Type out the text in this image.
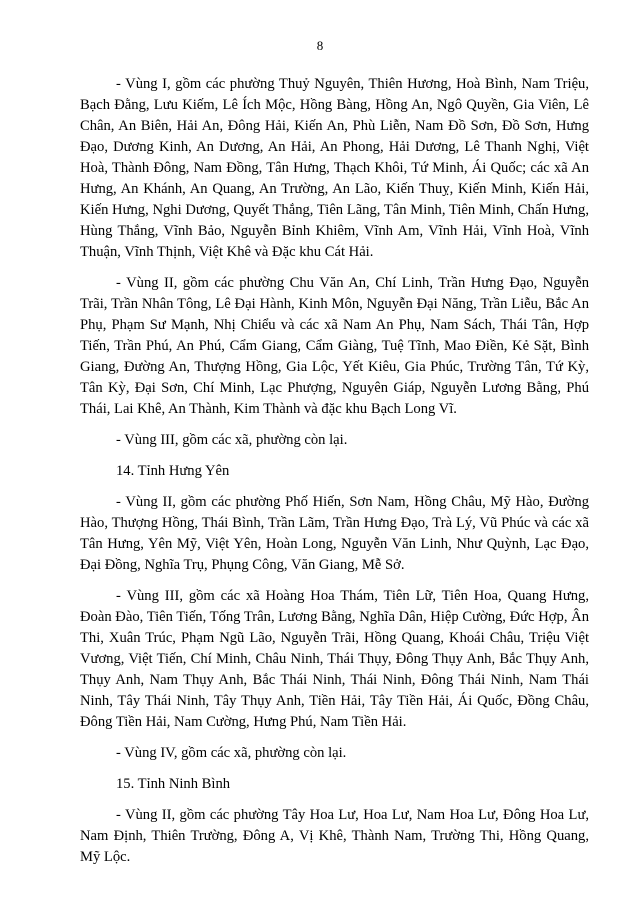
8

- Vùng I, gồm các phường Thuỷ Nguyên, Thiên Hương, Hoà Bình, Nam Triệu, Bạch Đằng, Lưu Kiếm, Lê Ích Mộc, Hồng Bàng, Hồng An, Ngô Quyền, Gia Viên, Lê Chân, An Biên, Hải An, Đông Hải, Kiến An, Phù Liễn, Nam Đồ Sơn, Đồ Sơn, Hưng Đạo, Dương Kinh, An Dương, An Hải, An Phong, Hải Dương, Lê Thanh Nghị, Việt Hoà, Thành Đông, Nam Đồng, Tân Hưng, Thạch Khôi, Tứ Minh, Ái Quốc; các xã An Hưng, An Khánh, An Quang, An Trường, An Lão, Kiến Thuỵ, Kiến Minh, Kiến Hải, Kiến Hưng, Nghi Dương, Quyết Thắng, Tiên Lãng, Tân Minh, Tiên Minh, Chấn Hưng, Hùng Thắng, Vĩnh Bảo, Nguyễn Bỉnh Khiêm, Vĩnh Am, Vĩnh Hải, Vĩnh Hoà, Vĩnh Thuận, Vĩnh Thịnh, Việt Khê và Đặc khu Cát Hải.

- Vùng II, gồm các phường Chu Văn An, Chí Linh, Trần Hưng Đạo, Nguyễn Trãi, Trần Nhân Tông, Lê Đại Hành, Kinh Môn, Nguyễn Đại Năng, Trần Liễu, Bắc An Phụ, Phạm Sư Mạnh, Nhị Chiểu và các xã Nam An Phụ, Nam Sách, Thái Tân, Hợp Tiến, Trần Phú, An Phú, Cẩm Giang, Cẩm Giàng, Tuệ Tĩnh, Mao Điền, Kẻ Sặt, Bình Giang, Đường An, Thượng Hồng, Gia Lộc, Yết Kiêu, Gia Phúc, Trường Tân, Tứ Kỳ, Tân Kỳ, Đại Sơn, Chí Minh, Lạc Phượng, Nguyên Giáp, Nguyễn Lương Bằng, Phú Thái, Lai Khê, An Thành, Kim Thành và đặc khu Bạch Long Vĩ.

- Vùng III, gồm các xã, phường còn lại.

14. Tỉnh Hưng Yên

- Vùng II, gồm các phường Phố Hiến, Sơn Nam, Hồng Châu, Mỹ Hào, Đường Hào, Thượng Hồng, Thái Bình, Trần Lãm, Trần Hưng Đạo, Trà Lý, Vũ Phúc và các xã Tân Hưng, Yên Mỹ, Việt Yên, Hoàn Long, Nguyễn Văn Linh, Như Quỳnh, Lạc Đạo, Đại Đồng, Nghĩa Trụ, Phụng Công, Văn Giang, Mễ Sở.

- Vùng III, gồm các xã Hoàng Hoa Thám, Tiên Lữ, Tiên Hoa, Quang Hưng, Đoàn Đào, Tiên Tiến, Tống Trân, Lương Bằng, Nghĩa Dân, Hiệp Cường, Đức Hợp, Ân Thi, Xuân Trúc, Phạm Ngũ Lão, Nguyễn Trãi, Hồng Quang, Khoái Châu, Triệu Việt Vương, Việt Tiến, Chí Minh, Châu Ninh, Thái Thụy, Đông Thụy Anh, Bắc Thụy Anh, Thụy Anh, Nam Thụy Anh, Bắc Thái Ninh, Thái Ninh, Đông Thái Ninh, Nam Thái Ninh, Tây Thái Ninh, Tây Thụy Anh, Tiền Hải, Tây Tiền Hải, Ái Quốc, Đồng Châu, Đông Tiền Hải, Nam Cường, Hưng Phú, Nam Tiền Hải.

- Vùng IV, gồm các xã, phường còn lại.

15. Tỉnh Ninh Bình

- Vùng II, gồm các phường Tây Hoa Lư, Hoa Lư, Nam Hoa Lư, Đông Hoa Lư, Nam Định, Thiên Trường, Đông A, Vị Khê, Thành Nam, Trường Thi, Hồng Quang, Mỹ Lộc.
